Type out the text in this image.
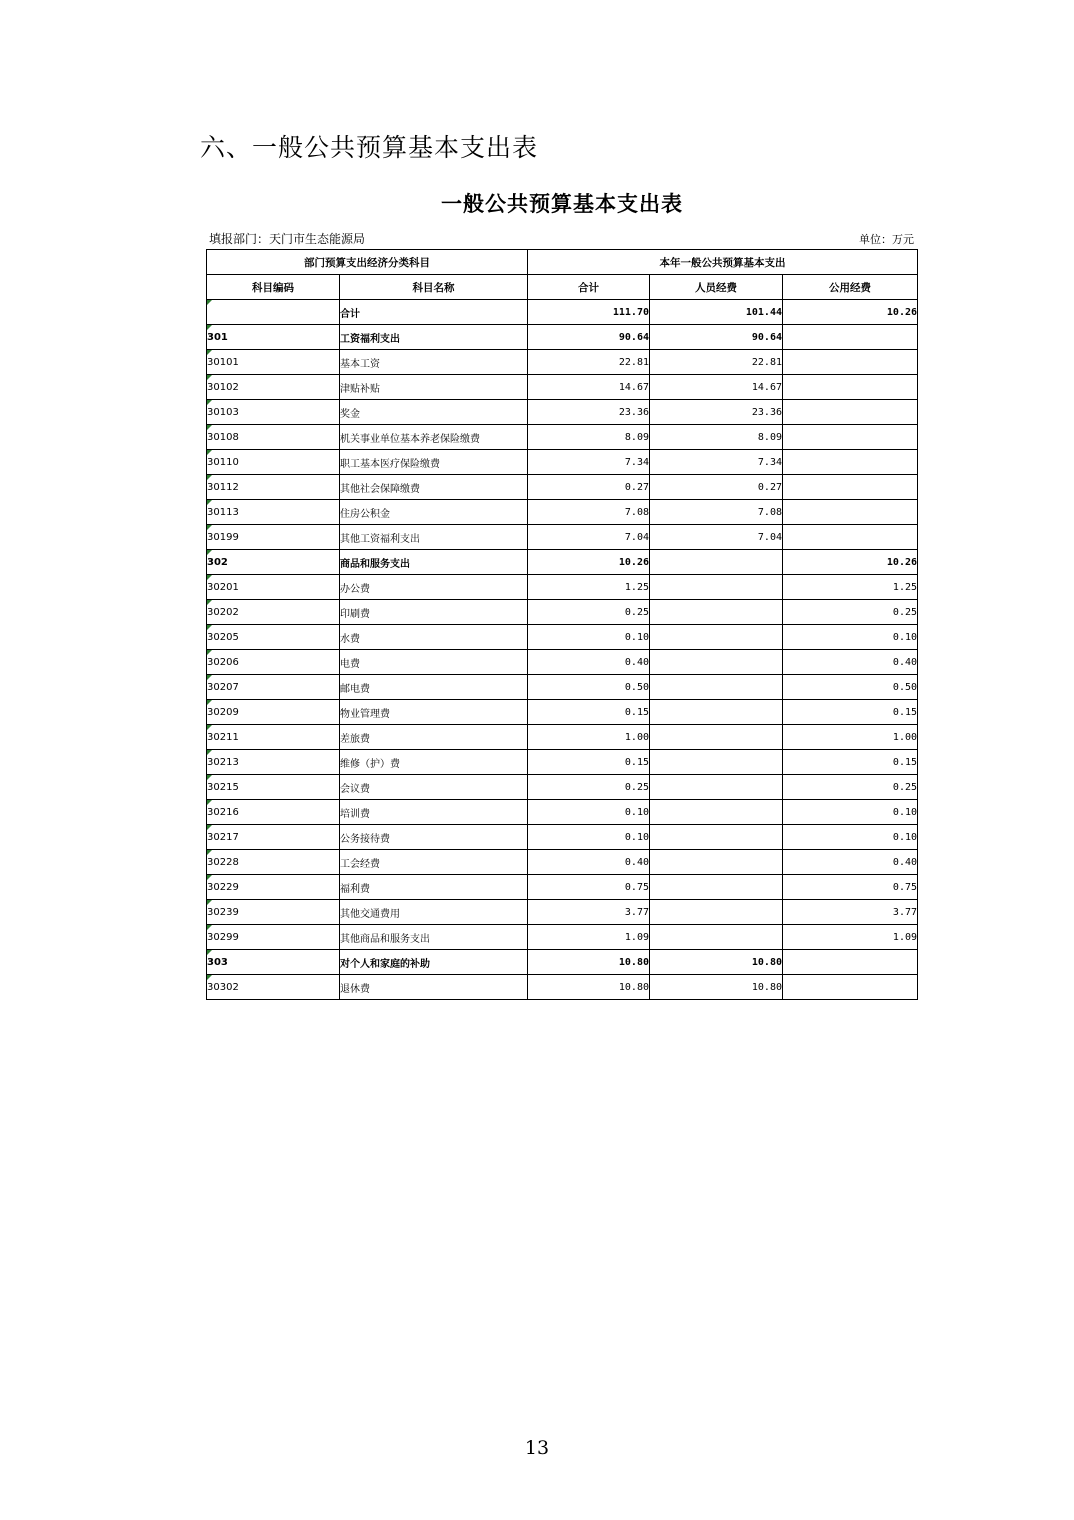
六、一般公共预算基本支出表
一般公共预算基本支出表
填报部门：天门市生态能源局	单位：万元
部门预算支出经济分类科目		本年一般公共预算基本支出		
科目编码	科目名称	合计	人员经费	公用经费
	合计	111.70	101.44	10.26
301	工资福利支出	90.64	90.64	
30101	基本工资	22.81	22.81	
30102	津贴补贴	14.67	14.67	
30103	奖金	23.36	23.36	
30108	机关事业单位基本养老保险缴费	8.09	8.09	
30110	职工基本医疗保险缴费	7.34	7.34	
30112	其他社会保障缴费	0.27	0.27	
30113	住房公积金	7.08	7.08	
30199	其他工资福利支出	7.04	7.04	
302	商品和服务支出	10.26		10.26
30201	办公费	1.25		1.25
30202	印刷费	0.25		0.25
30205	水费	0.10		0.10
30206	电费	0.40		0.40
30207	邮电费	0.50		0.50
30209	物业管理费	0.15		0.15
30211	差旅费	1.00		1.00
30213	维修（护）费	0.15		0.15
30215	会议费	0.25		0.25
30216	培训费	0.10		0.10
30217	公务接待费	0.10		0.10
30228	工会经费	0.40		0.40
30229	福利费	0.75		0.75
30239	其他交通费用	3.77		3.77
30299	其他商品和服务支出	1.09		1.09
303	对个人和家庭的补助	10.80	10.80	
30302	退休费	10.80	10.80	
13
